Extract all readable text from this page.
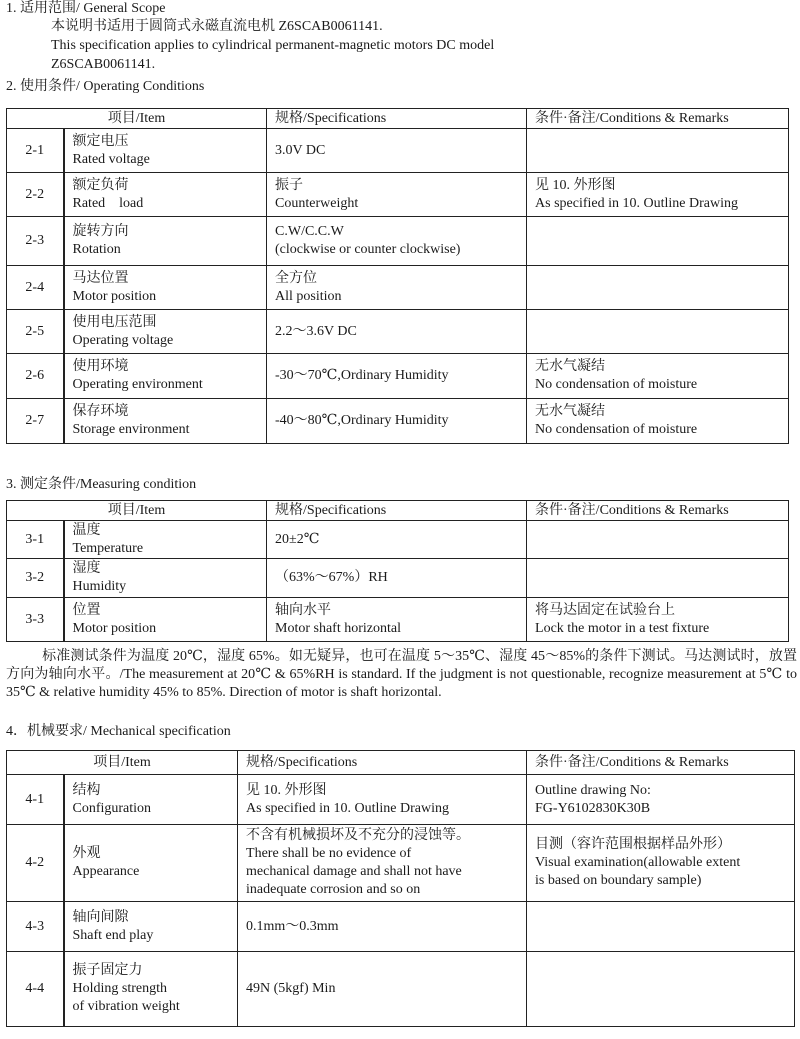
1. 适用范围/ General Scope
本说明书适用于圆筒式永磁直流电机 Z6SCAB0061141.
This specification applies to cylindrical permanent-magnetic motors DC model
Z6SCAB0061141.
2. 使用条件/ Operating Conditions
项目/Item		规格/Specifications	条件·备注/Conditions & Remarks
2-1	额定电压
Rated voltage	3.0V DC	

2-2	额定负荷
Rated    load	振子
Counterweight	见 10. 外形图
As specified in 10. Outline Drawing

2-3	旋转方向
Rotation	C.W/C.C.W
(clockwise or counter clockwise)	

2-4	马达位置
Motor position	全方位
All position	

2-5	使用电压范围
Operating voltage	2.2～3.6V DC	

2-6	使用环境
Operating environment	-30～70℃,Ordinary Humidity	无水气凝结
No condensation of moisture

2-7	保存环境
Storage environment	-40～80℃,Ordinary Humidity	无水气凝结
No condensation of moisture
3. 测定条件/Measuring condition
项目/Item		规格/Specifications	条件·备注/Conditions & Remarks
3-1	温度
Temperature	20±2℃	

3-2	湿度
Humidity	（63%～67%）RH	

3-3	位置
Motor position	轴向水平
Motor shaft horizontal	将马达固定在试验台上
Lock the motor in a test fixture
标准测试条件为温度 20℃，湿度 65%。如无疑异，也可在温度 5～35℃、湿度 45～85%的条件下测试。马达测试时，放置方向为轴向水平。/The measurement at 20℃ & 65%RH is standard. If the judgment is not questionable, recognize measurement at 5℃ to 35℃ & relative humidity 45% to 85%. Direction of motor is shaft horizontal.
4．机械要求/ Mechanical specification
项目/Item		规格/Specifications	条件·备注/Conditions & Remarks
4-1	结构
Configuration	见 10. 外形图
As specified in 10. Outline Drawing	Outline drawing No:
FG-Y6102830K30B

4-2	外观
Appearance	不含有机械损坏及不充分的浸蚀等。
There shall be no evidence of
mechanical damage and shall not have
inadequate corrosion and so on	目测（容许范围根据样品外形）
Visual examination(allowable extent
is based on boundary sample)

4-3	轴向间隙
Shaft end play	0.1mm～0.3mm	

4-4	振子固定力
Holding strength
of vibration weight	49N (5kgf) Min	
